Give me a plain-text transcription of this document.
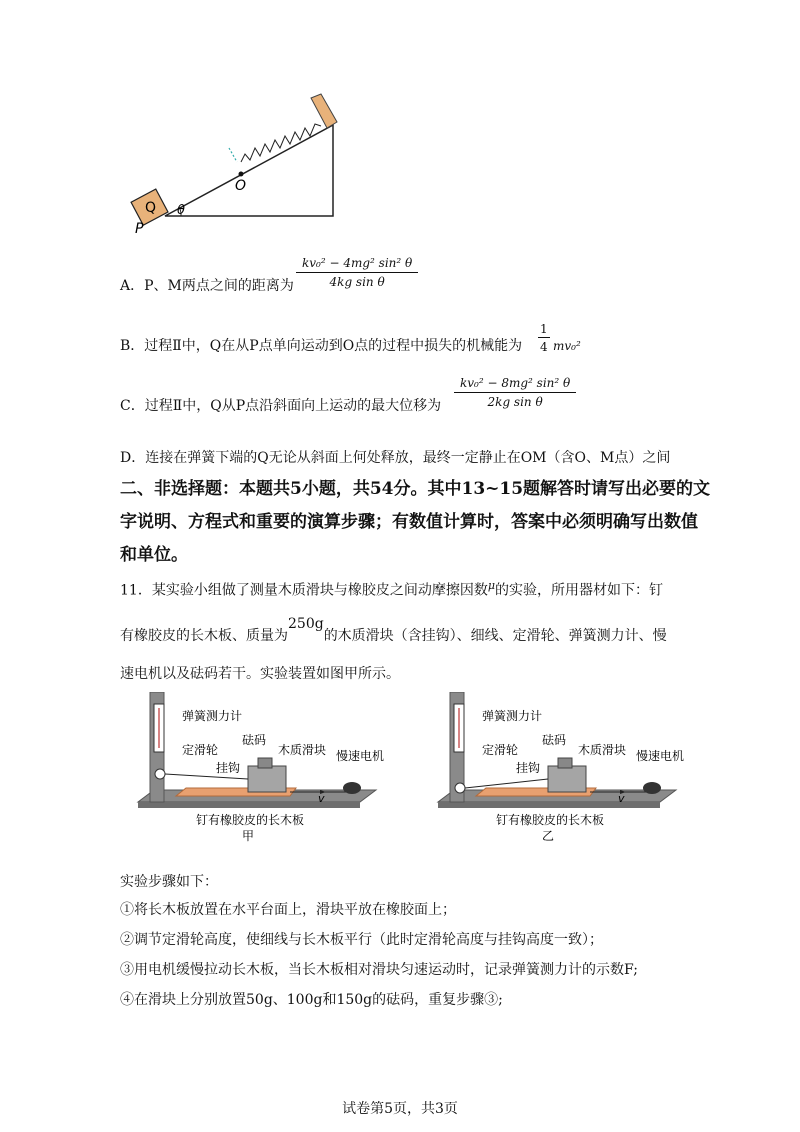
Q
P
O
θ
A．P、M两点之间的距离为 $\frac{\text{kv₀² − 4mg² sin² θ}}{\text{4kg sin θ}}$
B．过程Ⅱ中，Q在从P点单向运动到O点的过程中损失的机械能为 $\frac{1}{4} mv_0^2$
C．过程Ⅱ中，Q从P点沿斜面向上运动的最大位移为 $\frac{\text{kv₀² − 8mg² sin² θ}}{\text{2kg sin θ}}$
D．连接在弹簧下端的Q无论从斜面上何处释放，最终一定静止在OM（含O、M点）之间
二、非选择题：本题共5小题，共54分。其中13~15题解答时请写出必要的文
字说明、方程式和重要的演算步骤；有数值计算时，答案中必须明确写出数值
和单位。
11．某实验小组做了测量木质滑块与橡胶皮之间动摩擦因数$^\mu$的实验，所用器材如下：钉
有橡胶皮的长木板、质量为250g的木质滑块（含挂钩）、细线、定滑轮、弹簧测力计、慢
速电机以及砝码若干。实验装置如图甲所示。
弹簧测力计
定滑轮
砝码
木质滑块
挂钩
慢速电机
v
钉有橡胶皮的长木板
甲
弹簧测力计
定滑轮
砝码
木质滑块
挂钩
慢速电机
v
钉有橡胶皮的长木板
乙
实验步骤如下：
①将长木板放置在水平台面上，滑块平放在橡胶面上；
②调节定滑轮高度，使细线与长木板平行（此时定滑轮高度与挂钩高度一致）；
③用电机缓慢拉动长木板，当长木板相对滑块匀速运动时，记录弹簧测力计的示数F;
④在滑块上分别放置50g、100g和150g的砝码，重复步骤③;
试卷第5页，共3页
